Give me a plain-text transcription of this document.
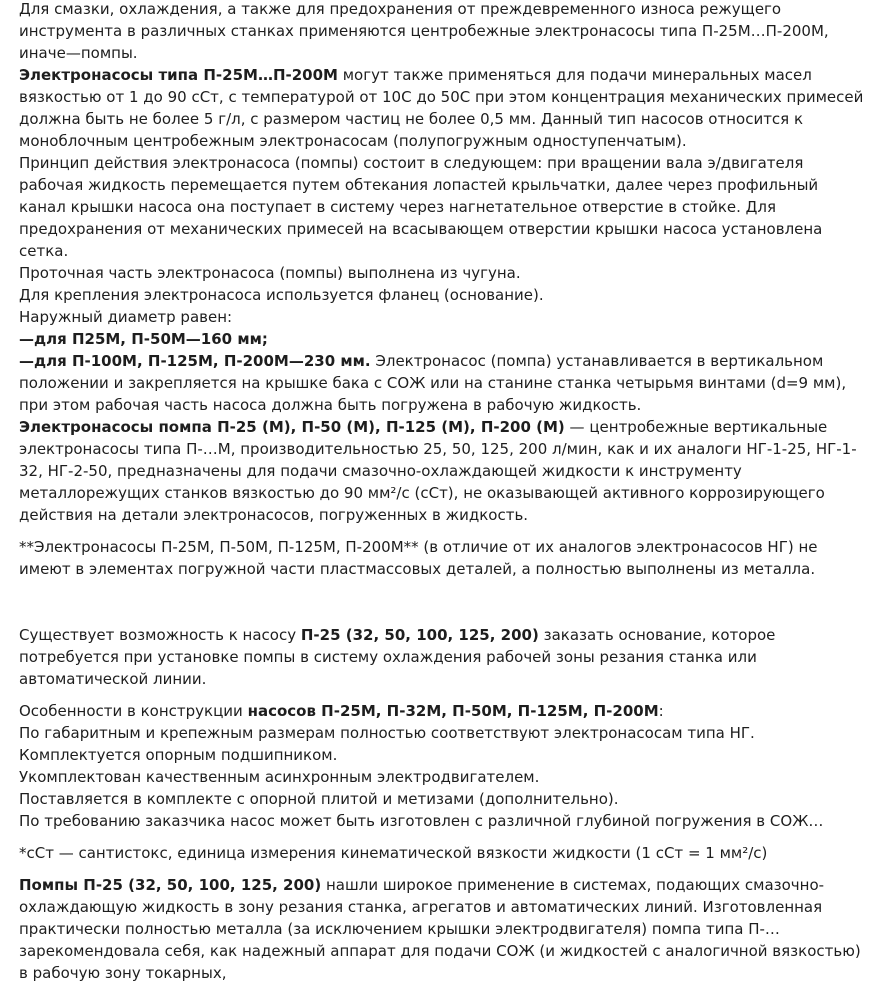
Для смазки, охлаждения, а также для предохранения от преждевременного износа режущего инструмента в различных станках применяются центробежные электронасосы типа П-25М…П-200М, иначе—помпы.

Электронасосы типа П-25М…П-200М могут также применяться для подачи минеральных масел вязкостью от 1 до 90 сСт, с температурой от 10С до 50С при этом концентрация механических примесей должна быть не более 5 г/л, с размером частиц не более 0,5 мм. Данный тип насосов относится к моноблочным центробежным электронасосам (полупогружным одноступенчатым).

Принцип действия электронасоса (помпы) состоит в следующем: при вращении вала э/двигателя рабочая жидкость перемещается путем обтекания лопастей крыльчатки, далее через профильный канал крышки насоса она поступает в систему через нагнетательное отверстие в стойке. Для предохранения от механических примесей на всасывающем отверстии крышки насоса установлена сетка.

Проточная часть электронасоса (помпы) выполнена из чугуна.

Для крепления электронасоса используется фланец (основание).

Наружный диаметр равен:

—для П25М, П-50М—160 мм;

—для П-100М, П-125М, П-200М—230 мм. Электронасос (помпа) устанавливается в вертикальном положении и закрепляется на крышке бака с СОЖ или на станине станка четырьмя винтами (d=9 мм), при этом рабочая часть насоса должна быть погружена в рабочую жидкость.

Электронасосы помпа П-25 (М), П-50 (М), П-125 (М), П-200 (М) — центробежные вертикальные электронасосы типа П-…М, производительностью 25, 50, 125, 200 л/мин, как и их аналоги НГ-1-25, НГ-1-32, НГ-2-50, предназначены для подачи смазочно-охлаждающей жидкости к инструменту металлорежущих станков вязкостью до 90 мм²/с (сСт), не оказывающей активного коррозирующего действия на детали электронасосов, погруженных в жидкость.

**Электронасосы П-25М, П-50М, П-125М, П-200М** (в отличие от их аналогов электронасосов НГ) не имеют в элементах погружной части пластмассовых деталей, а полностью выполнены из металла.

Существует возможность к насосу П-25 (32, 50, 100, 125, 200) заказать основание, которое потребуется при установке помпы в систему охлаждения рабочей зоны резания станка или автоматической линии.

Особенности в конструкции насосов П-25М, П-32М, П-50М, П-125М, П-200М:

По габаритным и крепежным размерам полностью соответствуют электронасосам типа НГ.

Комплектуется опорным подшипником.

Укомплектован качественным асинхронным электродвигателем.

Поставляется в комплекте с опорной плитой и метизами (дополнительно).

По требованию заказчика насос может быть изготовлен с различной глубиной погружения в СОЖ…

*сСт — сантистокс, единица измерения кинематической вязкости жидкости (1 сСт = 1 мм²/с)

Помпы П-25 (32, 50, 100, 125, 200) нашли широкое применение в системах, подающих смазочно-охлаждающую жидкость в зону резания станка, агрегатов и автоматических линий. Изготовленная практически полностью металла (за исключением крышки электродвигателя) помпа типа П-… зарекомендовала себя, как надежный аппарат для подачи СОЖ (и жидкостей с аналогичной вязкостью) в рабочую зону токарных,
